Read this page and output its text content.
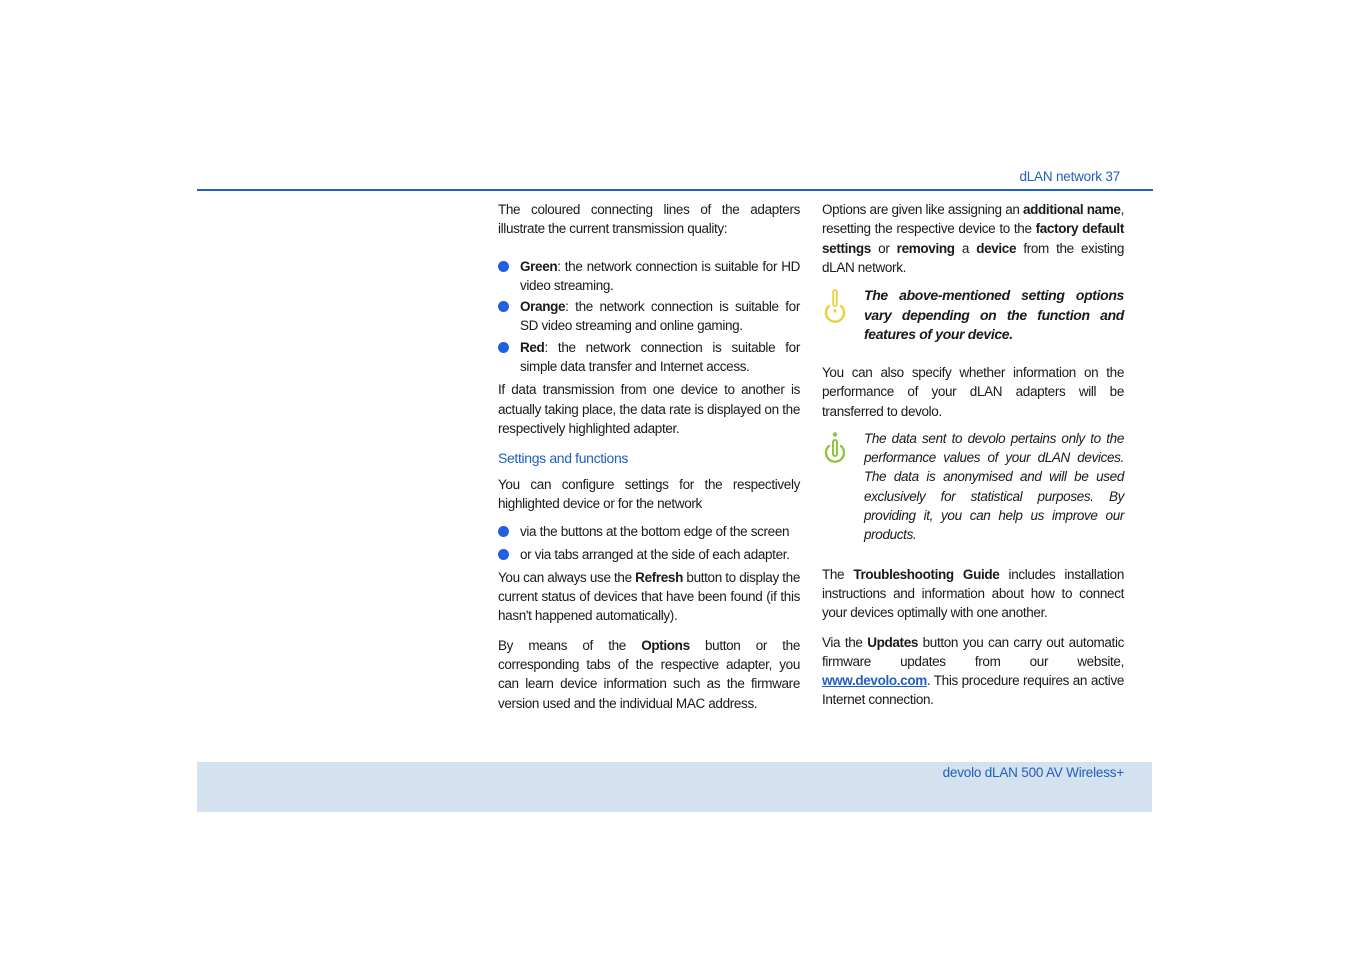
dLAN network 37

The coloured connecting lines of the adapters illustrate the current transmission quality:

Green: the network connection is suitable for HD video streaming.
Orange: the network connection is suitable for SD video streaming and online gaming.
Red: the network connection is suitable for simple data transfer and Internet access.

If data transmission from one device to another is actually taking place, the data rate is displayed on the respectively highlighted adapter.

Settings and functions

You can configure settings for the respectively highlighted device or for the network

via the buttons at the bottom edge of the screen
or via tabs arranged at the side of each adapter.

You can always use the Refresh button to display the current status of devices that have been found (if this hasn't happened automatically).

By means of the Options button or the corresponding tabs of the respective adapter, you can learn device information such as the firmware version used and the individual MAC address.

Options are given like assigning an additional name, resetting the respective device to the factory default settings or removing a device from the existing dLAN network.

The above-mentioned setting options vary depending on the function and features of your device.

You can also specify whether information on the performance of your dLAN adapters will be transferred to devolo.

The data sent to devolo pertains only to the performance values of your dLAN devices. The data is anonymised and will be used exclusively for statistical purposes. By providing it, you can help us improve our products.

The Troubleshooting Guide includes installation instructions and information about how to connect your devices optimally with one another.

Via the Updates button you can carry out automatic firmware updates from our website, www.devolo.com. This procedure requires an active Internet connection.

devolo dLAN 500 AV Wireless+
